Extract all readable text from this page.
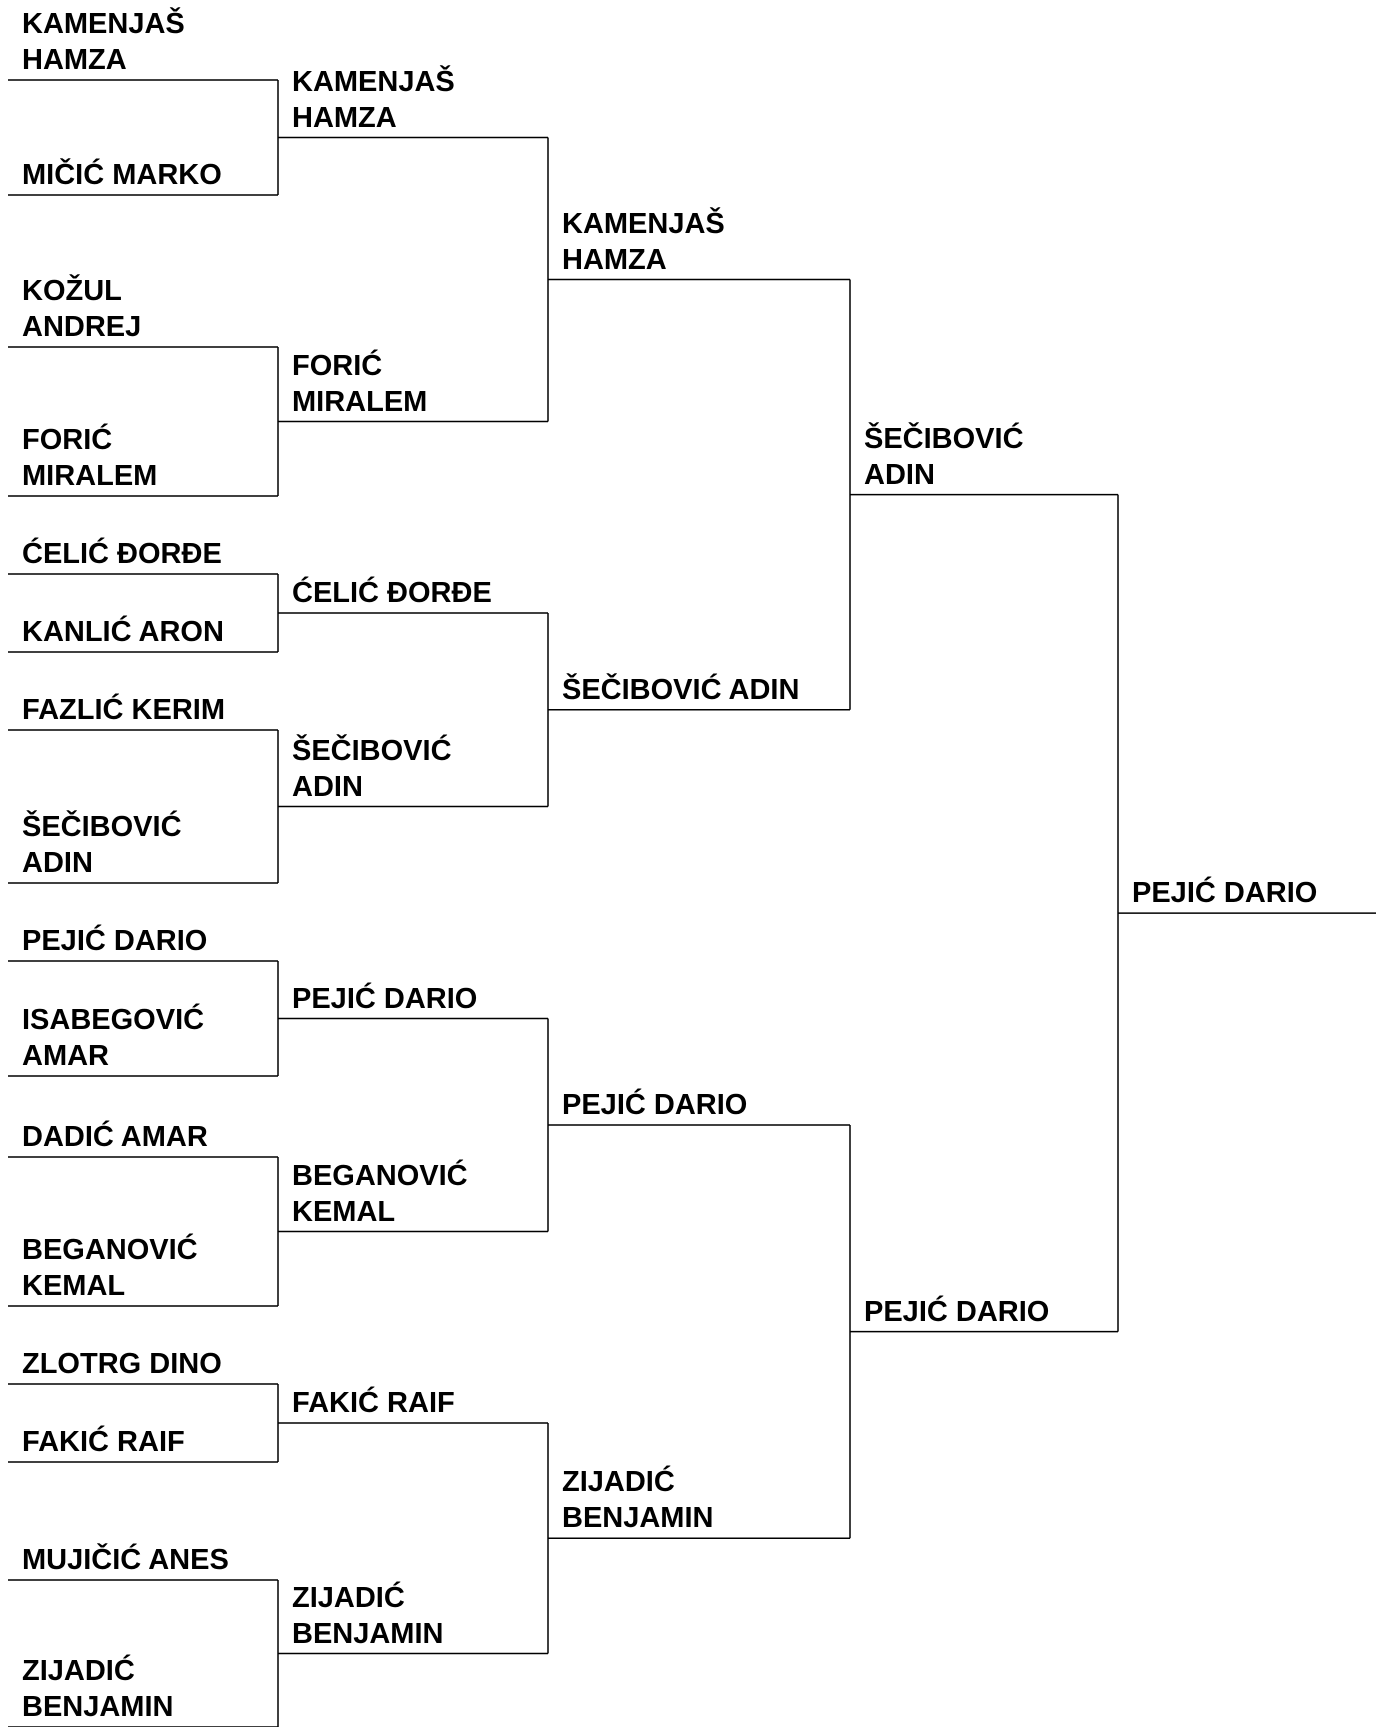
KAMENJAŠ
HAMZA
MIČIĆ MARKO
KOŽUL
ANDREJ
FORIĆ
MIRALEM
ĆELIĆ ĐORĐE
KANLIĆ ARON
FAZLIĆ KERIM
ŠEČIBOVIĆ
ADIN
PEJIĆ DARIO
ISABEGOVIĆ
AMAR
DADIĆ AMAR
BEGANOVIĆ
KEMAL
ZLOTRG DINO
FAKIĆ RAIF
MUJIČIĆ ANES
ZIJADIĆ
BENJAMIN
KAMENJAŠ
HAMZA
FORIĆ
MIRALEM
ĆELIĆ ĐORĐE
ŠEČIBOVIĆ
ADIN
PEJIĆ DARIO
BEGANOVIĆ
KEMAL
FAKIĆ RAIF
ZIJADIĆ
BENJAMIN
KAMENJAŠ
HAMZA
ŠEČIBOVIĆ ADIN
PEJIĆ DARIO
ZIJADIĆ
BENJAMIN
ŠEČIBOVIĆ
ADIN
PEJIĆ DARIO
PEJIĆ DARIO
